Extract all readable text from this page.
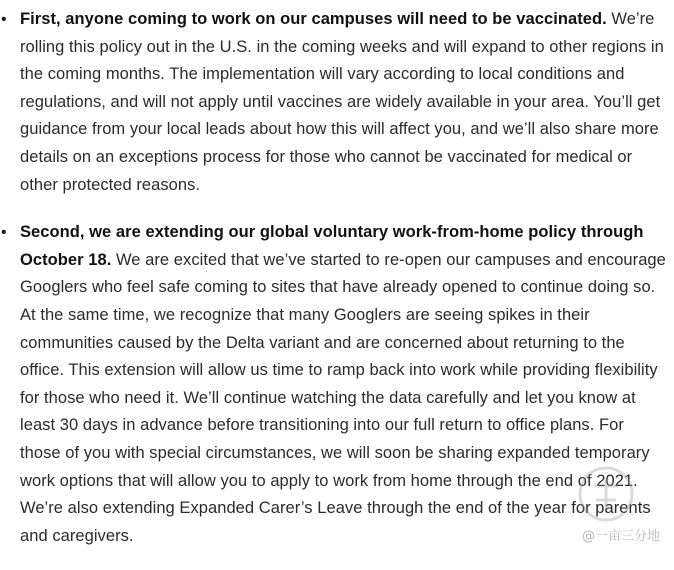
• First, anyone coming to work on our campuses will need to be vaccinated. We’re rolling this policy out in the U.S. in the coming weeks and will expand to other regions in the coming months. The implementation will vary according to local conditions and regulations, and will not apply until vaccines are widely available in your area. You’ll get guidance from your local leads about how this will affect you, and we’ll also share more details on an exceptions process for those who cannot be vaccinated for medical or other protected reasons.
• Second, we are extending our global voluntary work-from-home policy through October 18. We are excited that we’ve started to re-open our campuses and encourage Googlers who feel safe coming to sites that have already opened to continue doing so. At the same time, we recognize that many Googlers are seeing spikes in their communities caused by the Delta variant and are concerned about returning to the office. This extension will allow us time to ramp back into work while providing flexibility for those who need it. We’ll continue watching the data carefully and let you know at least 30 days in advance before transitioning into our full return to office plans. For those of you with special circumstances, we will soon be sharing expanded temporary work options that will allow you to apply to work from home through the end of 2021. We’re also extending Expanded Carer’s Leave through the end of the year for parents and caregivers.	@一亩三分地
